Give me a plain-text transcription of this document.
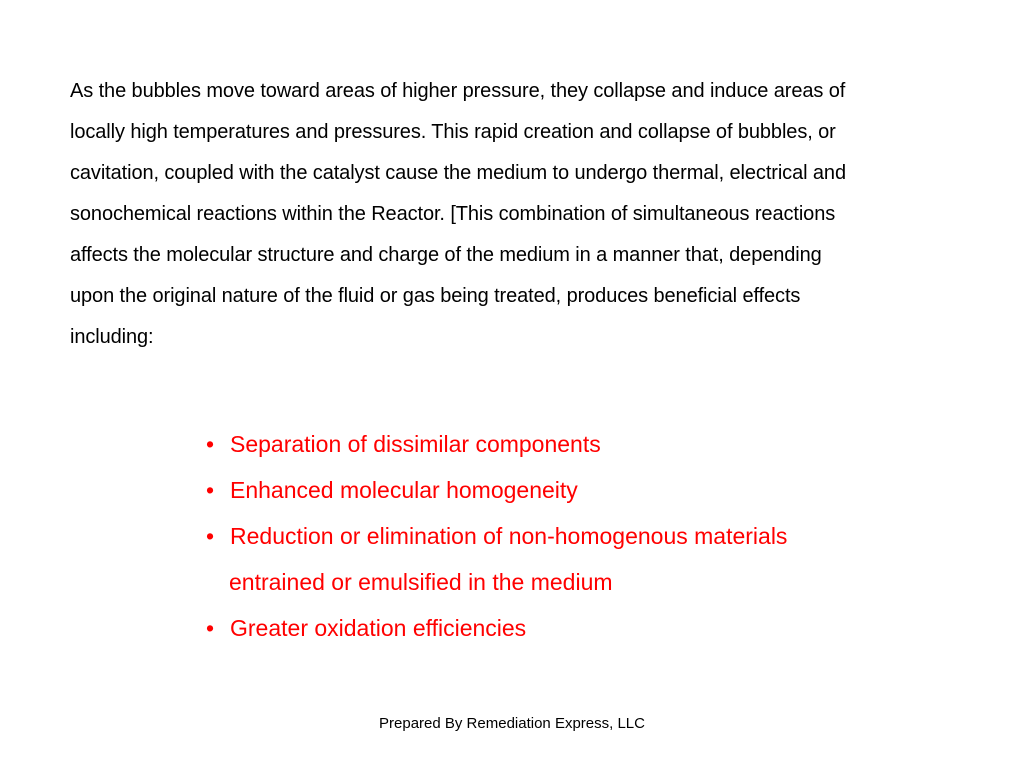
As the bubbles move toward areas of higher pressure, they collapse and induce areas of
locally high temperatures and pressures. This rapid creation and collapse of bubbles, or
cavitation, coupled with the catalyst cause the medium to undergo thermal, electrical and
sonochemical reactions within the Reactor. [This combination of simultaneous reactions
affects the molecular structure and charge of the medium in a manner that, depending
upon the original nature of the fluid or gas being treated, produces beneficial effects
including:

• Separation of dissimilar components
• Enhanced molecular homogeneity
• Reduction or elimination of non-homogenous materials
entrained or emulsified in the medium
• Greater oxidation efficiencies
Prepared By Remediation Express, LLC
